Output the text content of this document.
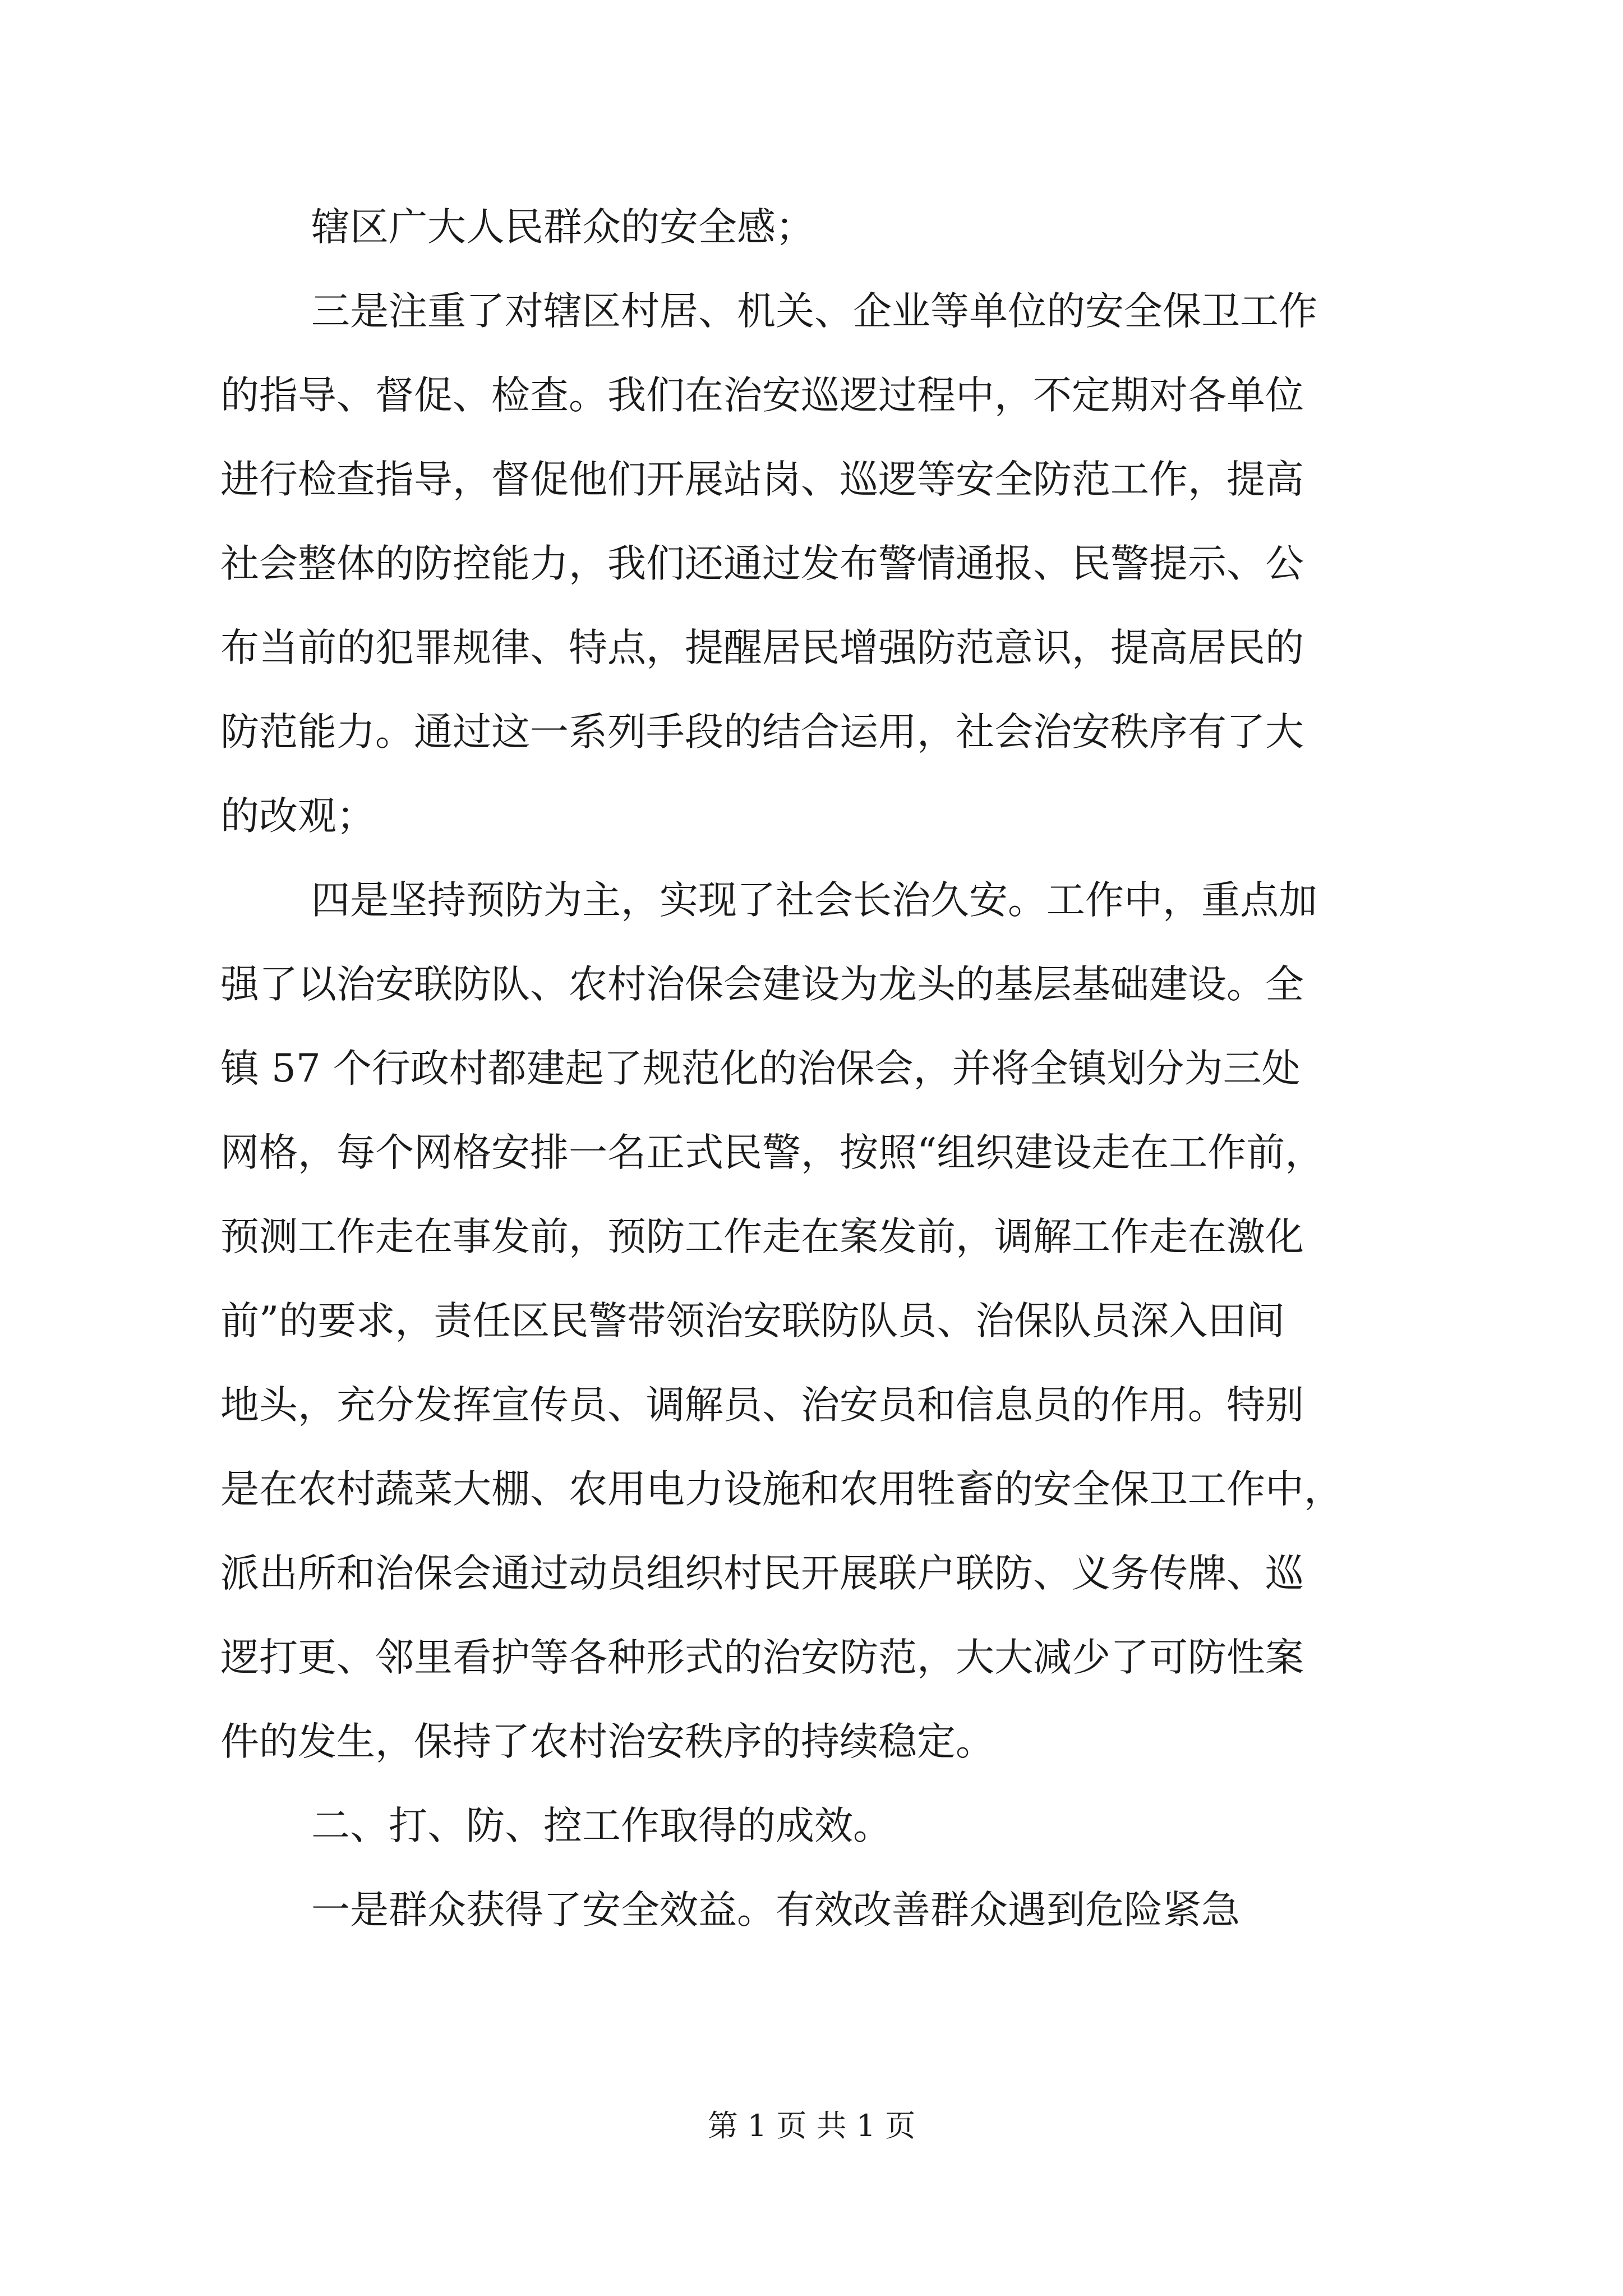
辖区广大人民群众的安全感；
三是注重了对辖区村居、机关、企业等单位的安全保卫工作
的指导、督促、检查。我们在治安巡逻过程中，不定期对各单位
进行检查指导，督促他们开展站岗、巡逻等安全防范工作，提高
社会整体的防控能力，我们还通过发布警情通报、民警提示、公
布当前的犯罪规律、特点，提醒居民增强防范意识，提高居民的
防范能力。通过这一系列手段的结合运用，社会治安秩序有了大
的改观；
四是坚持预防为主，实现了社会长治久安。工作中，重点加
强了以治安联防队、农村治保会建设为龙头的基层基础建设。全
镇 57 个行政村都建起了规范化的治保会，并将全镇划分为三处
网格，每个网格安排一名正式民警，按照“组织建设走在工作前，
预测工作走在事发前，预防工作走在案发前，调解工作走在激化
前”的要求，责任区民警带领治安联防队员、治保队员深入田间
地头，充分发挥宣传员、调解员、治安员和信息员的作用。特别
是在农村蔬菜大棚、农用电力设施和农用牲畜的安全保卫工作中，
派出所和治保会通过动员组织村民开展联户联防、义务传牌、巡
逻打更、邻里看护等各种形式的治安防范，大大减少了可防性案
件的发生，保持了农村治安秩序的持续稳定。
二、打、防、控工作取得的成效。
一是群众获得了安全效益。有效改善群众遇到危险紧急
第 1 页 共 1 页
